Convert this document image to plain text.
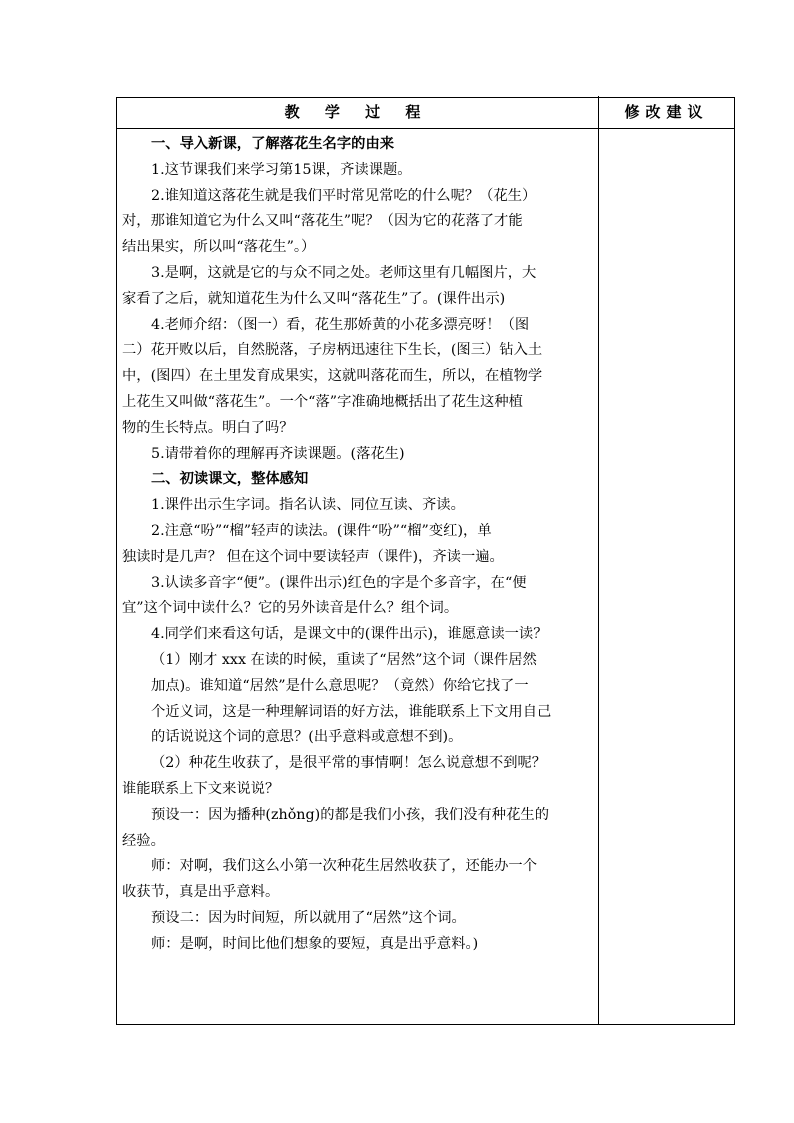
教 学 过 程	修改建议
一、导入新课，了解落花生名字的由来
1.这节课我们来学习第15课，齐读课题。
2.谁知道这落花生就是我们平时常见常吃的什么呢？（花生）
对，那谁知道它为什么又叫“落花生”呢？（因为它的花落了才能
结出果实，所以叫“落花生”。）
3.是啊，这就是它的与众不同之处。老师这里有几幅图片，大
家看了之后，就知道花生为什么又叫“落花生”了。(课件出示)
4.老师介绍：（图一）看，花生那娇黄的小花多漂亮呀！（图
二）花开败以后，自然脱落，子房柄迅速往下生长，(图三）钻入土
中，(图四）在土里发育成果实，这就叫落花而生，所以，在植物学
上花生又叫做“落花生”。一个“落”字准确地概括出了花生这种植
物的生长特点。明白了吗？
5.请带着你的理解再齐读课题。(落花生)
二、初读课文，整体感知
1.课件出示生字词。指名认读、同位互读、齐读。
2.注意“吩”“榴”轻声的读法。(课件“吩”“榴”变红)，单
独读时是几声？ 但在这个词中要读轻声（课件)，齐读一遍。
3.认读多音字“便”。(课件出示)红色的字是个多音字，在“便
宜”这个词中读什么？它的另外读音是什么？组个词。
4.同学们来看这句话，是课文中的(课件出示)，谁愿意读一读？
（1）刚才 xxx 在读的时候，重读了“居然”这个词（课件居然
加点)。谁知道“居然”是什么意思呢？（竟然）你给它找了一
个近义词，这是一种理解词语的好方法，谁能联系上下文用自己
的话说说这个词的意思？(出乎意料或意想不到)。
（2）种花生收获了，是很平常的事情啊！怎么说意想不到呢？
谁能联系上下文来说说？
预设一：因为播种(zhǒng)的都是我们小孩，我们没有种花生的
经验。
师：对啊，我们这么小第一次种花生居然收获了，还能办一个
收获节，真是出乎意料。
预设二：因为时间短，所以就用了“居然”这个词。
师：是啊，时间比他们想象的要短，真是出乎意料。)
